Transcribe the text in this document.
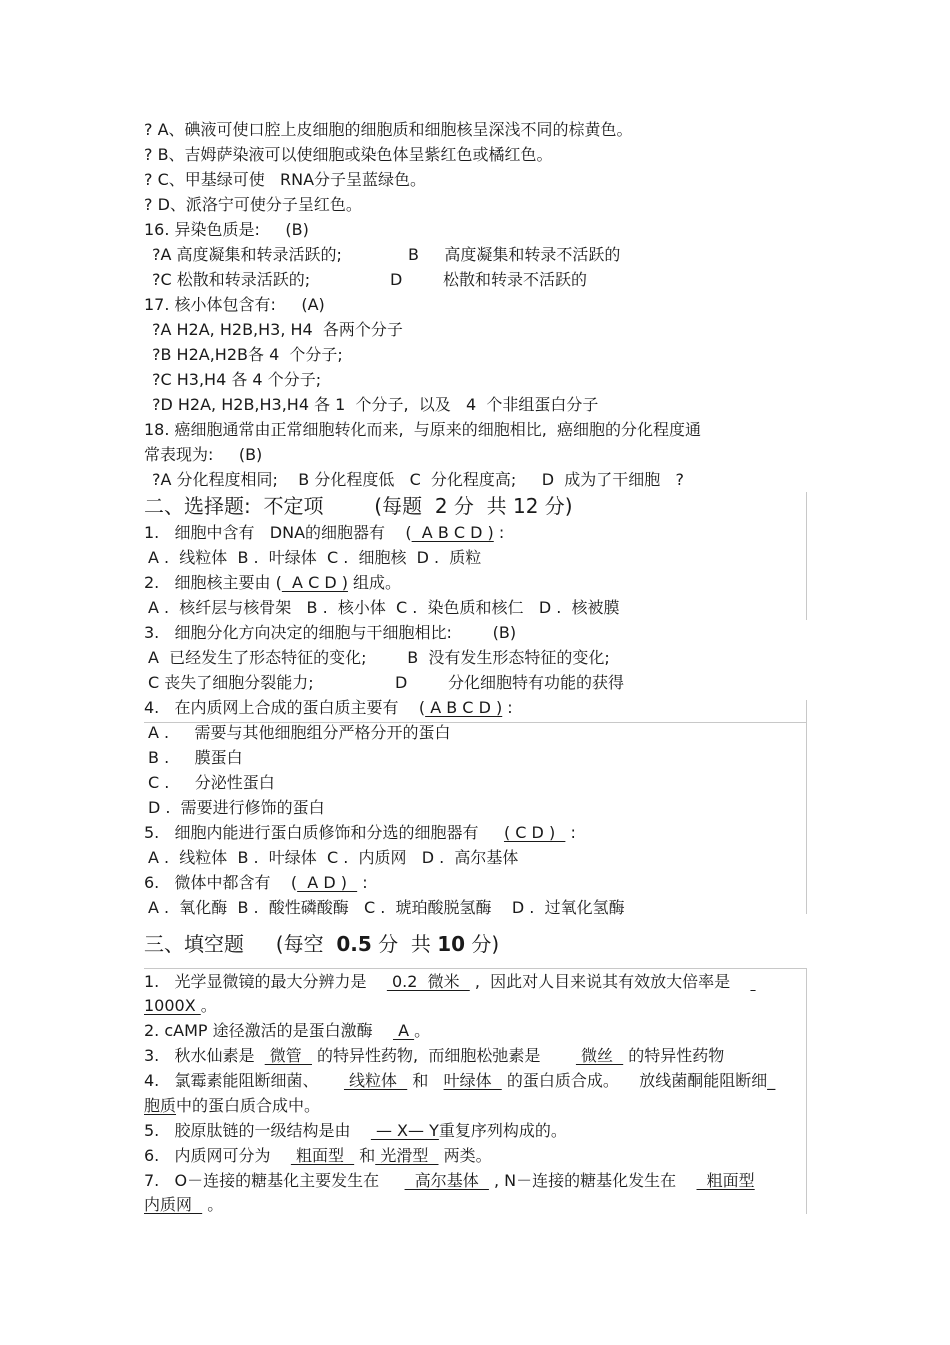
? A、碘液可使口腔上皮细胞的细胞质和细胞核呈深浅不同的棕黄色。
? B、吉姆萨染液可以使细胞或染色体呈紫红色或橘红色。
? C、甲基绿可使   RNA分子呈蓝绿色。
? D、派洛宁可使分子呈红色。
16. 异染色质是:     (B)
?A 高度凝集和转录活跃的;	B     高度凝集和转录不活跃的
?C 松散和转录活跃的;	D        松散和转录不活跃的
17. 核小体包含有:     (A)
?A H2A, H2B,H3, H4  各两个分子
?B H2A,H2B各 4  个分子;
?C H3,H4 各 4 个分子;
?D H2A, H2B,H3,H4 各 1  个分子,  以及   4  个非组蛋白分子
18. 癌细胞通常由正常细胞转化而来,  与原来的细胞相比,  癌细胞的分化程度通
常表现为:     (B)
?A 分化程度相同;    B 分化程度低   C  分化程度高;     D  成为了干细胞   ?
二、选择题:  不定项        (每题  2 分  共 12 分)
1.   细胞中含有   DNA的细胞器有    (  A B C D ) :
A .  线粒体  B .  叶绿体  C .  细胞核  D .  质粒
2.   细胞核主要由 (  A C D ) 组成。
A .  核纤层与核骨架   B .  核小体  C .  染色质和核仁   D .  核被膜
3.   细胞分化方向决定的细胞与干细胞相比:        (B)
A  已经发生了形态特征的变化;        B  没有发生形态特征的变化;
C 丧失了细胞分裂能力;	D        分化细胞特有功能的获得
4.   在内质网上合成的蛋白质主要有    ( A B C D ) :
A .     需要与其他细胞组分严格分开的蛋白
B .     膜蛋白
C .     分泌性蛋白
D .  需要进行修饰的蛋白
5.   细胞内能进行蛋白质修饰和分选的细胞器有     ( C D )   :
A .  线粒体  B .  叶绿体  C .  内质网   D .  高尔基体
6.   微体中都含有    (  A D )   :
A .  氧化酶  B .  酸性磷酸酶   C .  琥珀酸脱氢酶    D .  过氧化氢酶
三、填空题     (每空  0.5 分  共 10 分)
1.   光学显微镜的最大分辨力是     0.2  微米   ,  因此对人目来说其有效放大倍率是
1000X 。
2. cAMP 途径激活的是蛋白激酶     A 。
3.   秋水仙素是   微管   的特异性药物,  而细胞松弛素是        微丝   的特异性药物
4.   氯霉素能阻断细菌、      线粒体   和   叶绿体   的蛋白质合成。    放线菌酮能阻断细_
胞质中的蛋白质合成中。
5.   胶原肽链的一级结构是由     — X— Y重复序列构成的。
6.   内质网可分为     粗面型   和 光滑型   两类。
7.   O－连接的糖基化主要发生在       高尔基体   , N－连接的糖基化发生在      粗面型
内质网   。
